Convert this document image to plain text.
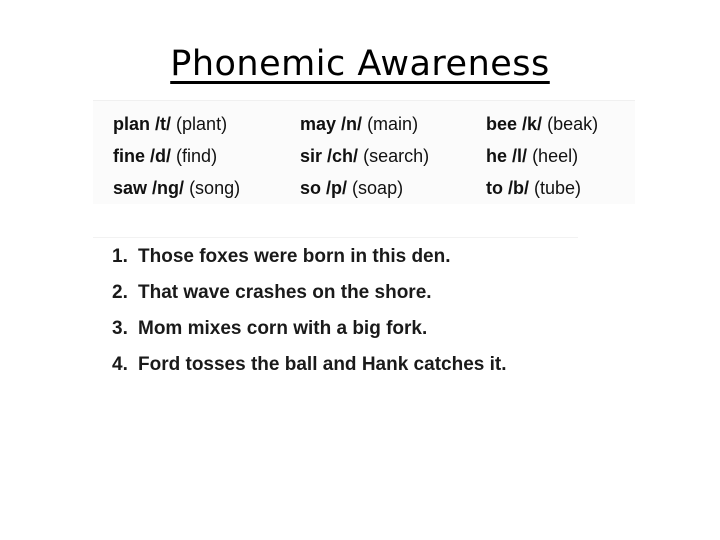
Phonemic Awareness
plan /t/ (plant)	may /n/ (main)	bee /k/ (beak)
fine /d/ (find)	sir /ch/ (search)	he /l/ (heel)
saw /ng/ (song)	so /p/ (soap)	to /b/ (tube)
1. Those foxes were born in this den.
2. That wave crashes on the shore.
3. Mom mixes corn with a big fork.
4. Ford tosses the ball and Hank catches it.
